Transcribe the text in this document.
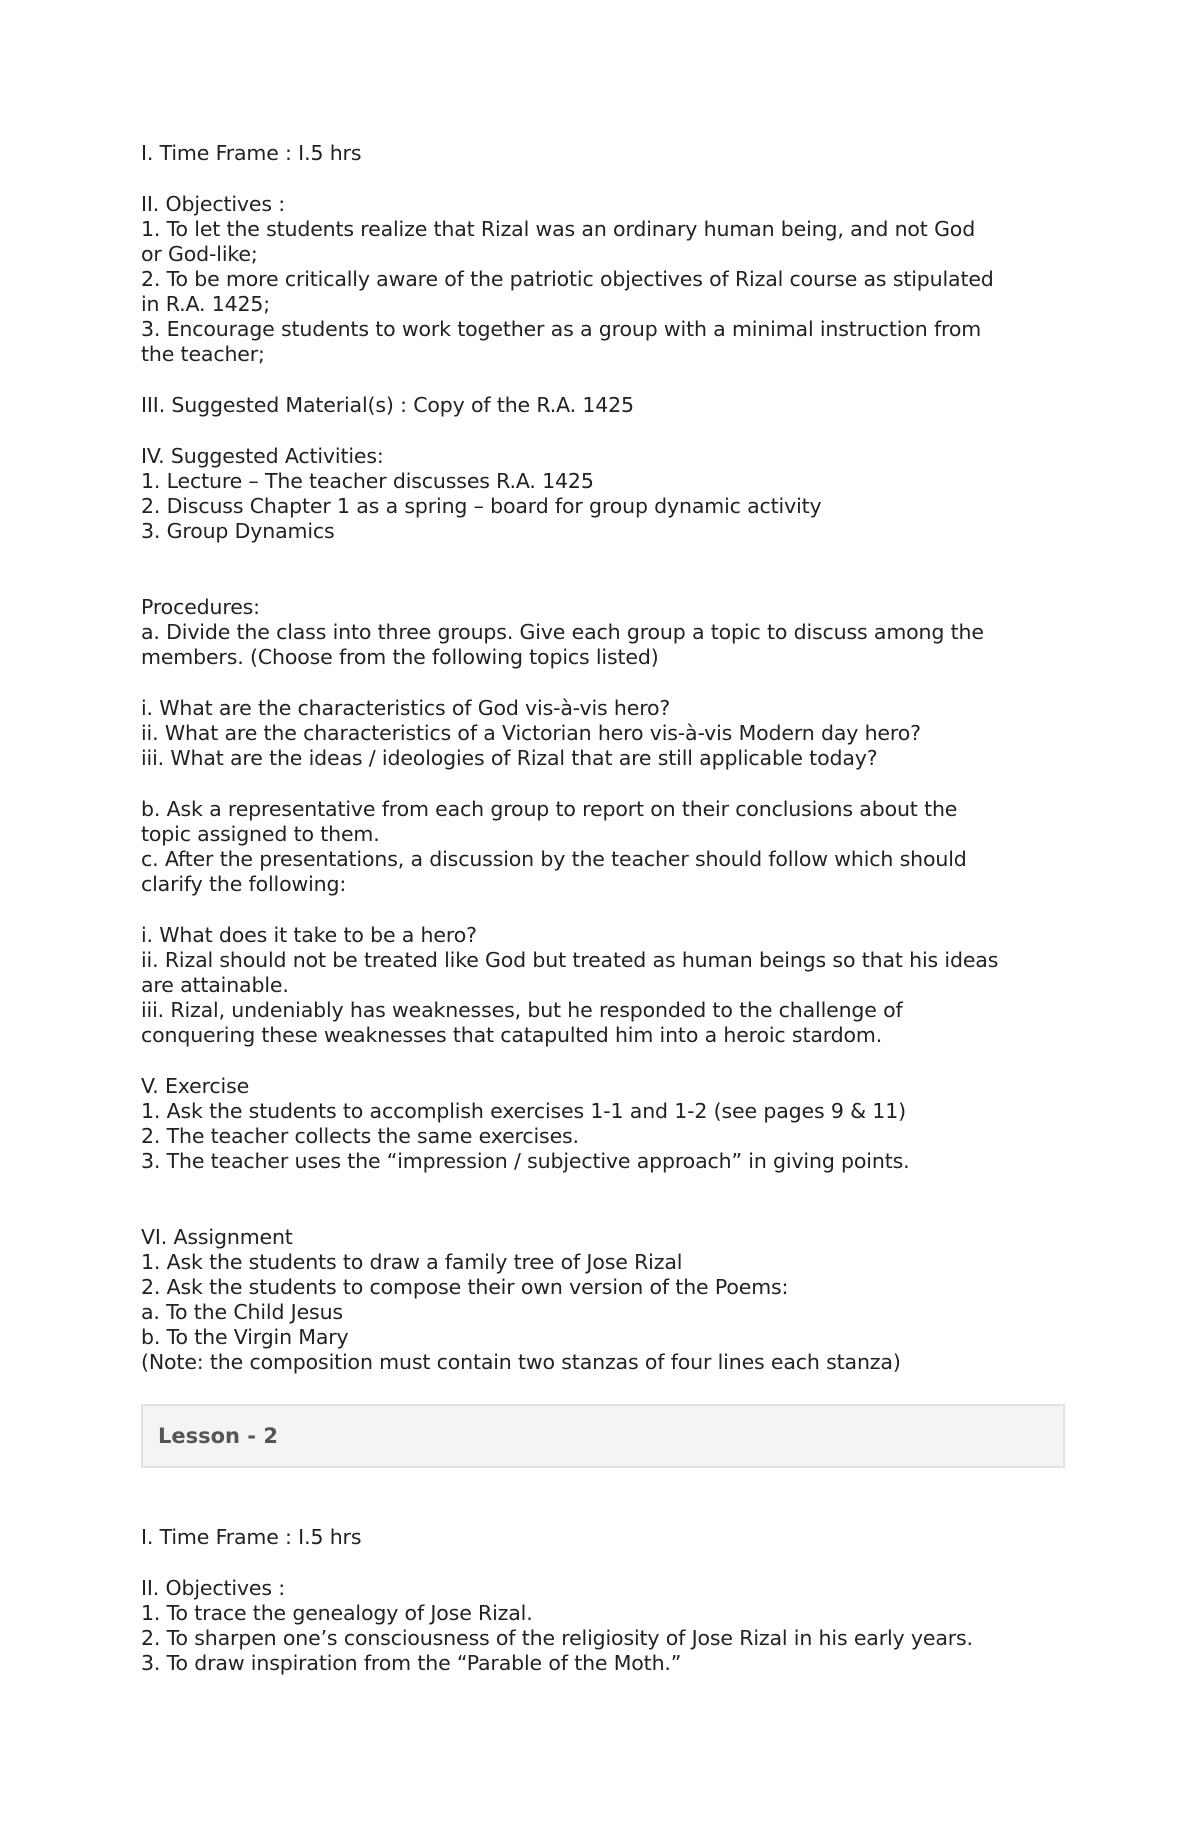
I. Time Frame : I.5 hrs
II. Objectives :
1. To let the students realize that Rizal was an ordinary human being, and not God
or God-like;
2. To be more critically aware of the patriotic objectives of Rizal course as stipulated
in R.A. 1425;
3. Encourage students to work together as a group with a minimal instruction from
the teacher;
III. Suggested Material(s) : Copy of the R.A. 1425
IV. Suggested Activities:
1. Lecture – The teacher discusses R.A. 1425
2. Discuss Chapter 1 as a spring – board for group dynamic activity
3. Group Dynamics
Procedures:
a. Divide the class into three groups. Give each group a topic to discuss among the
members. (Choose from the following topics listed)
i. What are the characteristics of God vis-à-vis hero?
ii. What are the characteristics of a Victorian hero vis-à-vis Modern day hero?
iii. What are the ideas / ideologies of Rizal that are still applicable today?
b. Ask a representative from each group to report on their conclusions about the
topic assigned to them.
c. After the presentations, a discussion by the teacher should follow which should
clarify the following:
i. What does it take to be a hero?
ii. Rizal should not be treated like God but treated as human beings so that his ideas
are attainable.
iii. Rizal, undeniably has weaknesses, but he responded to the challenge of
conquering these weaknesses that catapulted him into a heroic stardom.
V. Exercise
1. Ask the students to accomplish exercises 1-1 and 1-2 (see pages 9 & 11)
2. The teacher collects the same exercises.
3. The teacher uses the “impression / subjective approach” in giving points.
VI. Assignment
1. Ask the students to draw a family tree of Jose Rizal
2. Ask the students to compose their own version of the Poems:
a. To the Child Jesus
b. To the Virgin Mary
(Note: the composition must contain two stanzas of four lines each stanza)
Lesson - 2
I. Time Frame : I.5 hrs
II. Objectives :
1. To trace the genealogy of Jose Rizal.
2. To sharpen one’s consciousness of the religiosity of Jose Rizal in his early years.
3. To draw inspiration from the “Parable of the Moth.”
